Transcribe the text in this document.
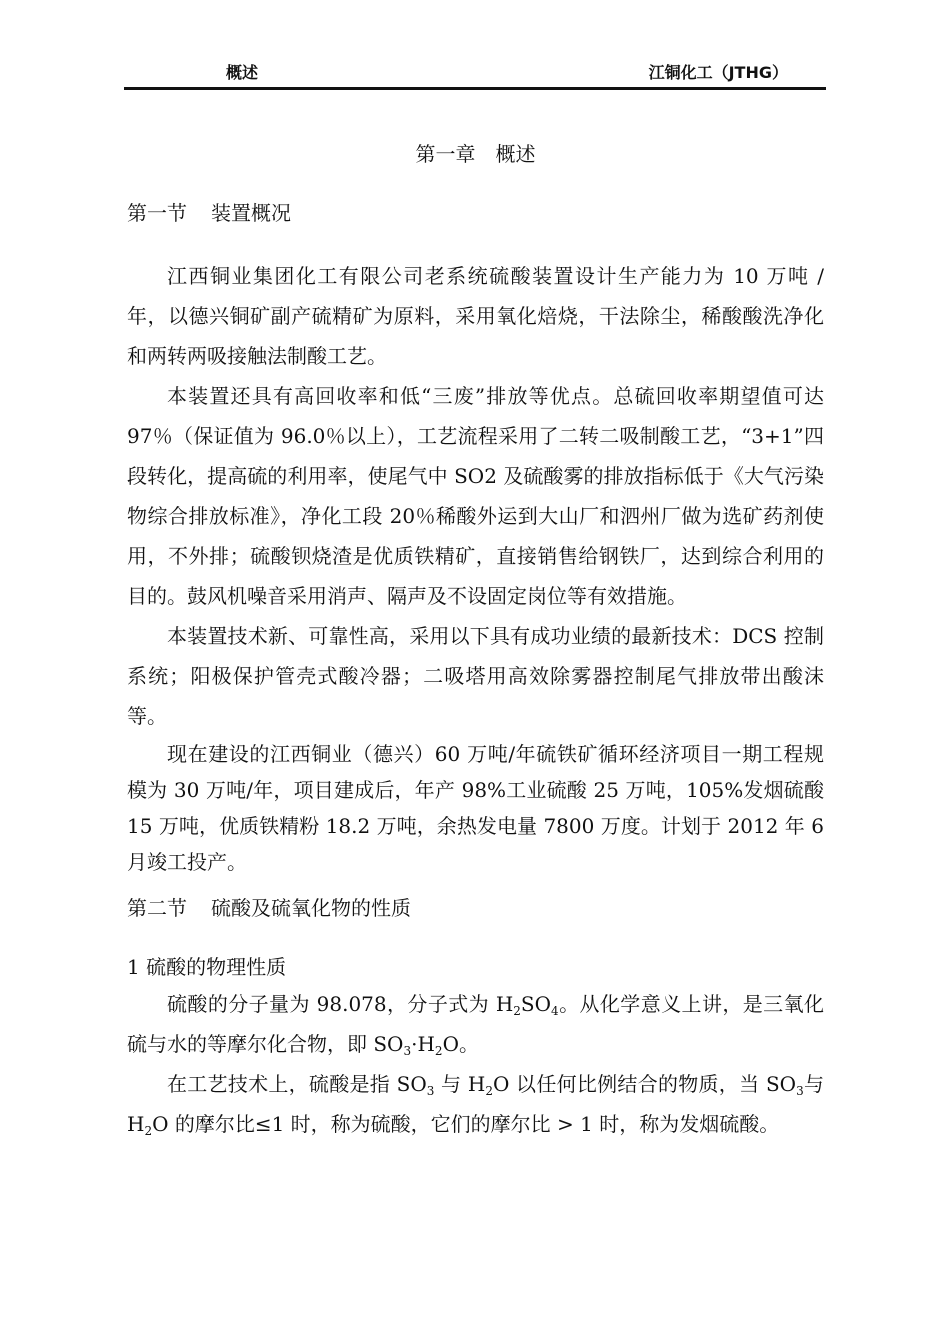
概述	江铜化工（JTHG）
第一章　概述
第一节 装置概况

江西铜业集团化工有限公司老系统硫酸装置设计生产能力为 10 万吨 / 年，以德兴铜矿副产硫精矿为原料，采用氧化焙烧，干法除尘，稀酸酸洗净化和两转两吸接触法制酸工艺。

本装置还具有高回收率和低“三废”排放等优点。总硫回收率期望值可达 97％（保证值为 96.0％以上），工艺流程采用了二转二吸制酸工艺，“3+1”四段转化，提高硫的利用率，使尾气中 SO2 及硫酸雾的排放指标低于《大气污染物综合排放标准》，净化工段 20％稀酸外运到大山厂和泗州厂做为选矿药剂使用，不外排；硫酸钡烧渣是优质铁精矿，直接销售给钢铁厂，达到综合利用的目的。鼓风机噪音采用消声、隔声及不设固定岗位等有效措施。

本装置技术新、可靠性高，采用以下具有成功业绩的最新技术：DCS 控制系统；阳极保护管壳式酸冷器；二吸塔用高效除雾器控制尾气排放带出酸沫等。

现在建设的江西铜业（德兴）60 万吨/年硫铁矿循环经济项目一期工程规模为 30 万吨/年，项目建成后，年产 98%工业硫酸 25 万吨，105%发烟硫酸 15 万吨，优质铁精粉 18.2 万吨，余热发电量 7800 万度。计划于 2012 年 6 月竣工投产。

第二节 硫酸及硫氧化物的性质
1 硫酸的物理性质

硫酸的分子量为 98.078，分子式为 $H_2SO_4$。从化学意义上讲，是三氧化硫与水的等摩尔化合物，即 $SO_3\cdot H_2O$。

在工艺技术上，硫酸是指 $SO_3$ 与 $H_2O$ 以任何比例结合的物质，当 $SO_3$与 $H_2O$ 的摩尔比≤1 时，称为硫酸，它们的摩尔比 > 1 时，称为发烟硫酸。
